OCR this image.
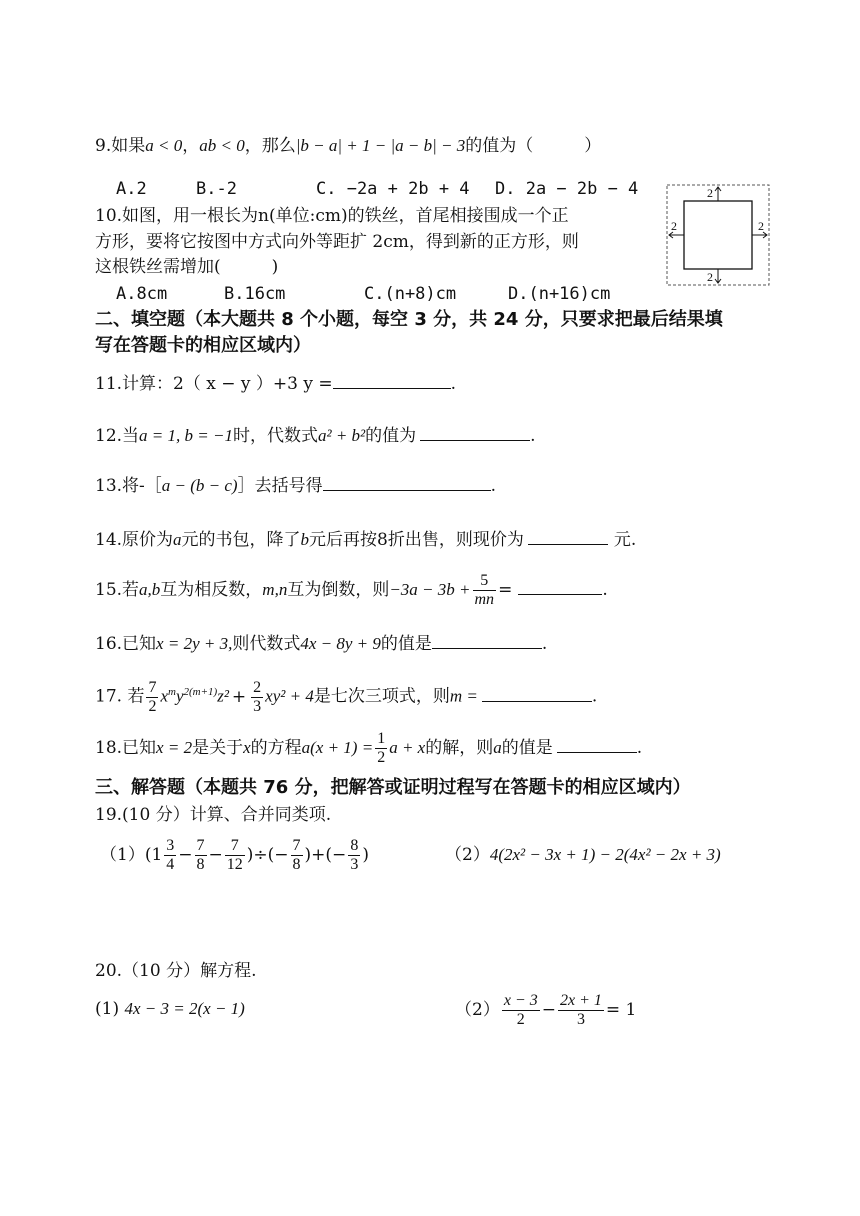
9.如果a < 0，ab < 0，那么|b − a| + 1 − |a − b| − 3的值为（　　　）
A.2	B.-2	C. −2a + 2b + 4 D. 2a − 2b − 4
10.如图，用一根长为n(单位:cm)的铁丝，首尾相接围成一个正
方形，要将它按图中方式向外等距扩 2cm，得到新的正方形，则
这根铁丝需增加(　　　)
A.8cm	B.16cm	C.(n+8)cm	D.(n+16)cm
2
2
2	2
二、填空题（本大题共 8 个小题，每空 3 分，共 24 分，只要求把最后结果填
写在答题卡的相应区域内）
11.计算：2（ x − y ）+3 y =	.
12.当a = 1, b = −1时，代数式a² + b²的值为	.
13.将-［a − (b − c)］去括号得	.
14.原价为a元的书包，降了b元后再按8折出售，则现价为	元.
15.若a,b互为相反数，m,n互为倒数，则$-3a - 3b + \frac{5}{mn}$ =	.
16.已知x = 2y + 3,则代数式4x − 8y + 9的值是	.
17. 若 $\frac{7}{2} x^my^{2(m+1)}z^2 + \frac{2}{3} xy^2 + 4$是七次三项式，则m =	.
18.已知x = 2是关于x的方程$a(x + 1) = \frac{1}{2}$ a + x的解，则a的值是	.
三、解答题（本题共 76 分，把解答或证明过程写在答题卡的相应区域内）
19.(10 分）计算、合并同类项.
$(1)(1 \frac{3}{4} - \frac{7}{8} - \frac{7}{12}$ )÷(− $\frac{7}{8}$ )+(− $\frac{8}{3}$ )	（2）4(2x² − 3x + 1) − 2(4x² − 2x + 3)
20.（10 分）解方程.
(1) 4x − 3 = 2(x − 1)	$(2) \frac{x - 3}{2} - \frac{2x + 1}{3} = 1$
